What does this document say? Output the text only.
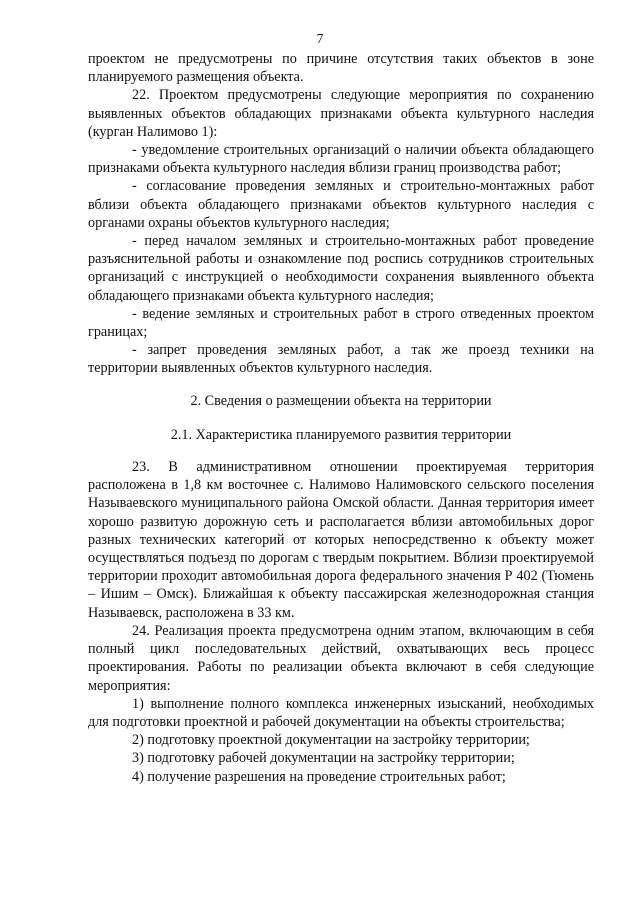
7

проектом не предусмотрены по причине отсутствия таких объектов в зоне планируемого размещения объекта.

22. Проектом предусмотрены следующие мероприятия по сохранению выявленных объектов обладающих признаками объекта культурного наследия (курган Налимово 1):

- уведомление строительных организаций о наличии объекта обладающего признаками объекта культурного наследия вблизи границ производства работ;

- согласование проведения земляных и строительно-монтажных работ вблизи объекта обладающего признаками объектов культурного наследия с органами охраны объектов культурного наследия;

- перед началом земляных и строительно-монтажных работ проведение разъяснительной работы и ознакомление под роспись сотрудников строительных организаций с инструкцией о необходимости сохранения выявленного объекта обладающего признаками объекта культурного наследия;

- ведение земляных и строительных работ в строго отведенных проектом границах;

- запрет проведения земляных работ, а так же проезд техники на территории выявленных объектов культурного наследия.

2. Сведения о размещении объекта на территории

2.1. Характеристика планируемого развития территории

23. В административном отношении проектируемая территория расположена в 1,8 км восточнее с. Налимово Налимовского сельского поселения Называевского муниципального района Омской области. Данная территория имеет хорошо развитую дорожную сеть и располагается вблизи автомобильных дорог разных технических категорий от которых непосредственно к объекту может осуществляться подъезд по дорогам с твердым покрытием. Вблизи проектируемой территории проходит автомобильная дорога федерального значения Р 402 (Тюмень – Ишим – Омск). Ближайшая к объекту пассажирская железнодорожная станция Называевск, расположена в 33 км.

24. Реализация проекта предусмотрена одним этапом, включающим в себя полный цикл последовательных действий, охватывающих весь процесс проектирования. Работы по реализации объекта включают в себя следующие мероприятия:

1) выполнение полного комплекса инженерных изысканий, необходимых для подготовки проектной и рабочей документации на объекты строительства;

2) подготовку проектной документации на застройку территории;

3) подготовку рабочей документации на застройку территории;

4) получение разрешения на проведение строительных работ;
